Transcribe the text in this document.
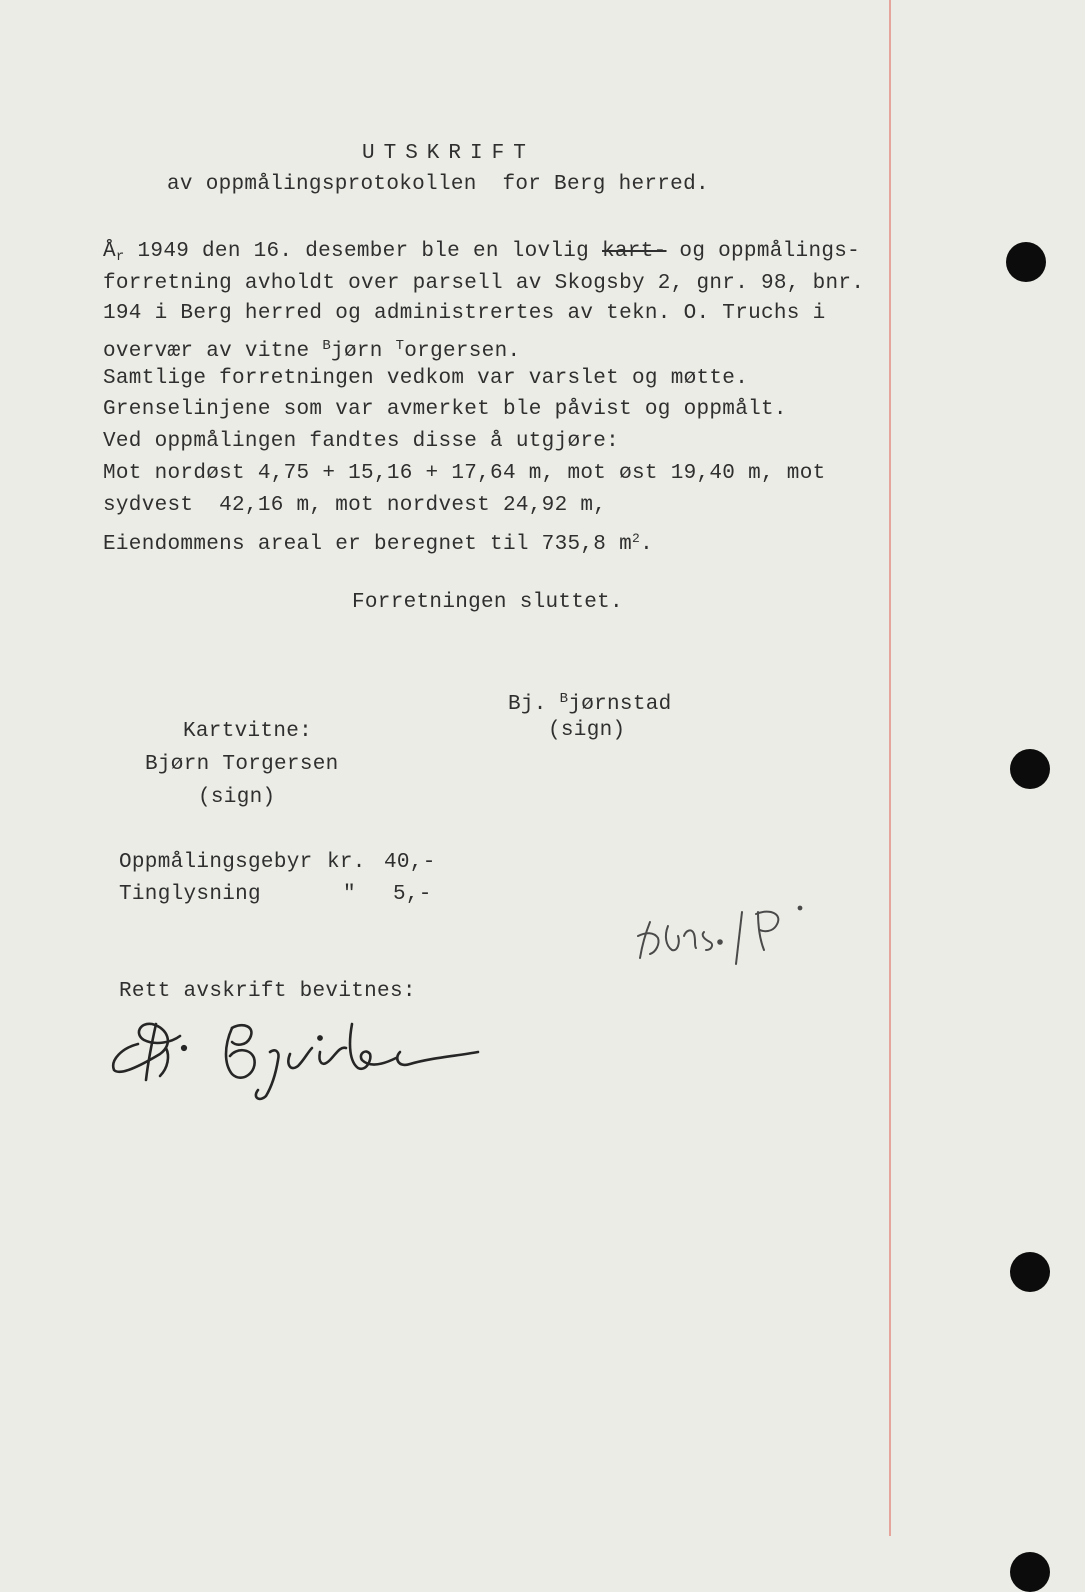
UTSKRIFT
av oppmålingsprotokollen  for Berg herred.
$Å_r$ 1949 den 16. desember ble en lovlig kart- og oppmålings-
forretning avholdt over parsell av Skogsby 2, gnr. 98, bnr.
194 i Berg herred og administrertes av tekn. O. Truchs i
overvær av vitne $^B$jørn $^T$orgersen.
Samtlige forretningen vedkom var varslet og møtte.
Grenselinjene som var avmerket ble påvist og oppmålt.
Ved oppmålingen fandtes disse å utgjøre:
Mot nordøst 4,75 + 15,16 + 17,64 m, mot øst 19,40 m, mot
sydvest  42,16 m, mot nordvest 24,92 m,
Eiendommens areal er beregnet til 735,8 $m^2$.
Forretningen sluttet.
Bj. $^B$jørnstad
(sign)
Kartvitne:
Bjørn Torgersen
(sign)
Oppmålingsgebyr kr. 40,-
Tinglysning	" 5,-
Rett avskrift bevitnes:
